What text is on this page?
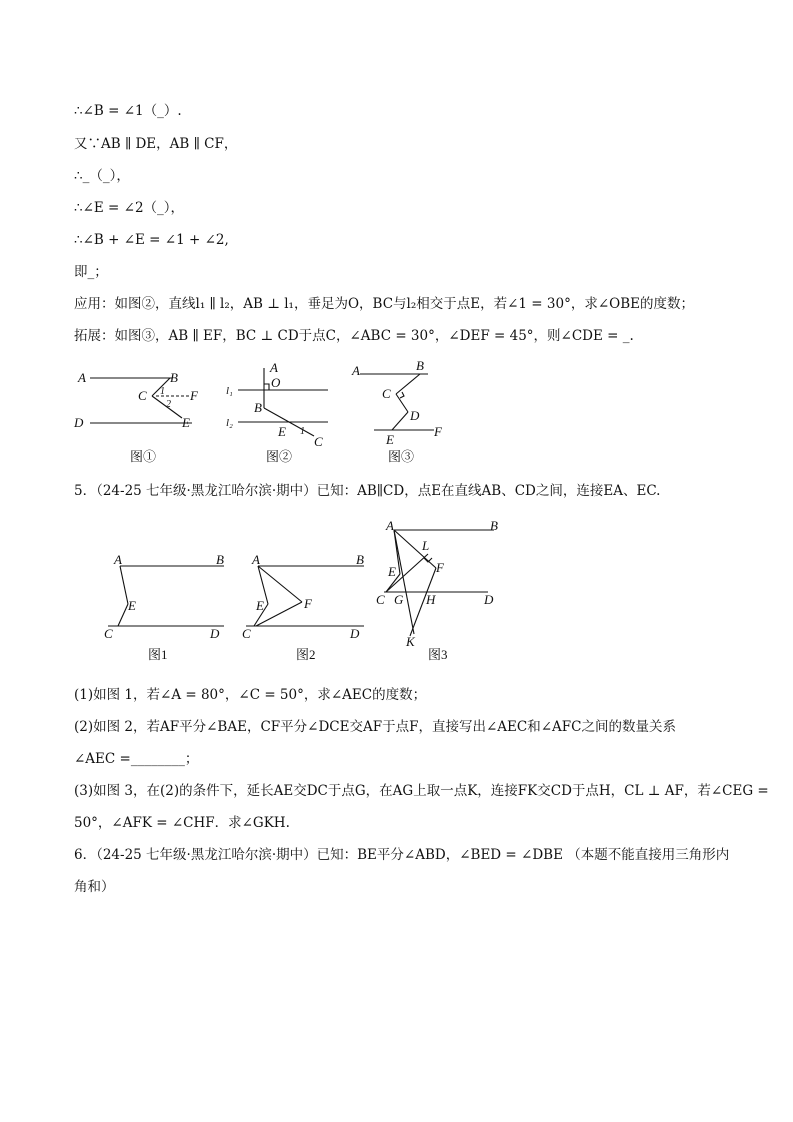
∴∠B = ∠1（_）.
又∵AB ∥ DE，AB ∥ CF，
∴_（_），
∴∠E = ∠2（_），
∴∠B + ∠E = ∠1 + ∠2,
即_；
应用：如图②，直线l₁ ∥ l₂，AB ⊥ l₁，垂足为O，BC与l₂相交于点E，若∠1 = 30°，求∠OBE的度数；
拓展：如图③，AB ∥ EF，BC ⊥ CD于点C，∠ABC = 30°，∠DEF = 45°，则∠CDE = _.
A	B
C 1
2
F
D	E
图①
A
O
l₁
B
l₂
E 1
C
图②
A	B
C
D
E
F
图③
5．（24-25 七年级·黑龙江哈尔滨·期中）已知：AB∥CD，点E在直线AB、CD之间，连接EA、EC.
A	B
E
C	D
图1
A	B
E	F
C	D
图2
A	B
L
E	F
C G H	D
K
图3
(1)如图 1，若∠A = 80°，∠C = 50°，求∠AEC的度数；
(2)如图 2，若AF平分∠BAE，CF平分∠DCE交AF于点F，直接写出∠AEC和∠AFC之间的数量关系
∠AEC =________；
(3)如图 3，在(2)的条件下，延长AE交DC于点G，在AG上取一点K，连接FK交CD于点H，CL ⊥ AF，若∠CEG =
50°，∠AFK = ∠CHF．求∠GKH.
6．（24-25 七年级·黑龙江哈尔滨·期中）已知：BE平分∠ABD，∠BED = ∠DBE （本题不能直接用三角形内
角和）
